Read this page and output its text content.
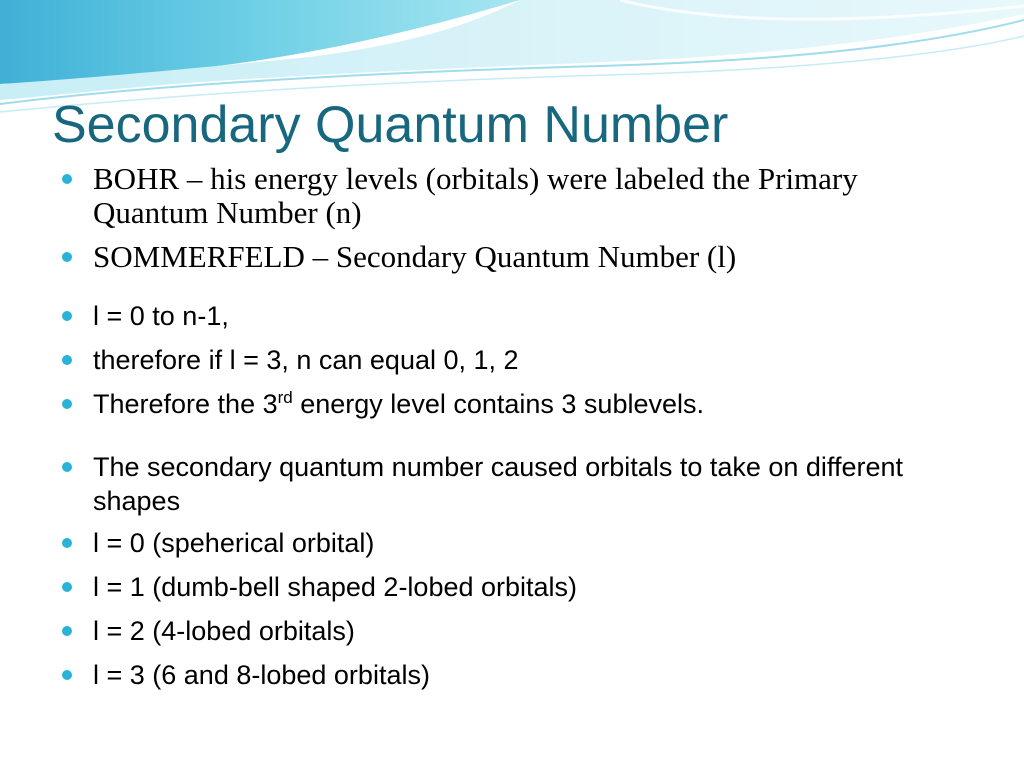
Secondary Quantum Number
BOHR – his energy levels (orbitals) were labeled the Primary Quantum Number (n)
SOMMERFELD – Secondary Quantum Number (l)
l = 0 to n-1,
therefore if l = 3, n can equal 0, 1, 2
Therefore the 3rd energy level contains 3 sublevels.
The secondary quantum number caused orbitals to take on different shapes
l = 0 (speherical orbital)
l = 1 (dumb-bell shaped 2-lobed orbitals)
l = 2 (4-lobed orbitals)
l = 3 (6 and 8-lobed orbitals)
